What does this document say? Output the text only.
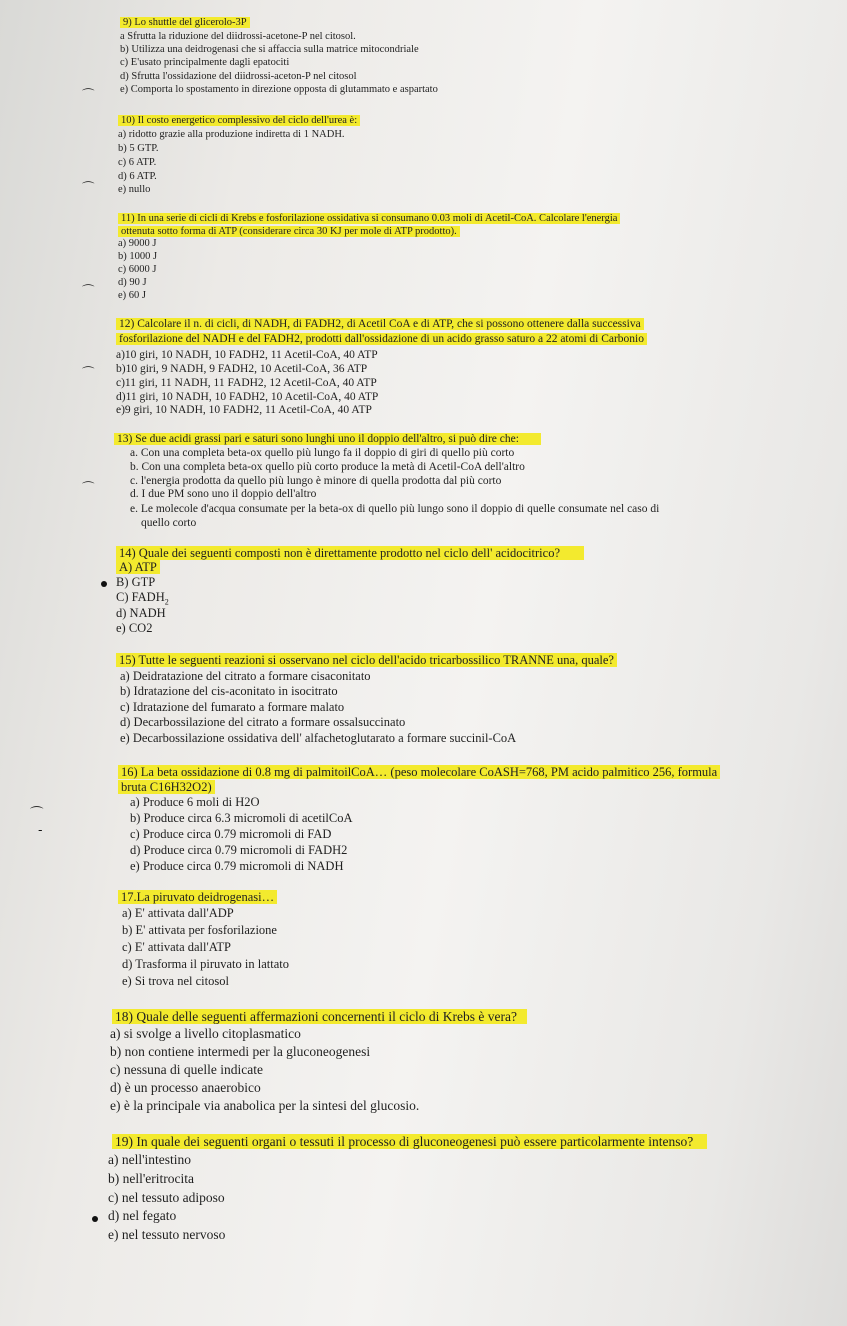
9) Lo shuttle del glicerolo-3P
a Sfrutta la riduzione del diidrossi-acetone-P nel citosol.
b) Utilizza una deidrogenasi che si affaccia sulla matrice mitocondriale
c) E'usato principalmente dagli epatociti
d) Sfrutta l'ossidazione del diidrossi-aceton-P nel citosol
e) Comporta lo spostamento in direzione opposta di glutammato e aspartato
⌒
10) Il costo energetico complessivo del ciclo dell'urea è:
a) ridotto grazie alla produzione indiretta di 1 NADH.
b) 5 GTP.
c) 6 ATP.
d) 6 ATP.
e) nullo
⌒
11) In una serie di cicli di Krebs e fosforilazione ossidativa si consumano 0.03 moli di Acetil-CoA. Calcolare l'energia
ottenuta sotto forma di ATP (considerare circa 30 KJ per mole di ATP prodotto).
a) 9000 J
b) 1000 J
c) 6000 J
d) 90 J
e) 60 J
⌒
12) Calcolare il n. di cicli, di NADH, di FADH2, di Acetil CoA e di ATP, che si possono ottenere dalla successiva
fosforilazione del NADH e del FADH2, prodotti dall'ossidazione di un acido grasso saturo a 22 atomi di Carbonio
a)10 giri, 10 NADH, 10 FADH2, 11 Acetil-CoA, 40 ATP
b)10 giri, 9 NADH, 9 FADH2, 10 Acetil-CoA, 36 ATP
c)11 giri, 11 NADH, 11 FADH2, 12 Acetil-CoA, 40 ATP
d)11 giri, 10 NADH, 10 FADH2, 10 Acetil-CoA, 40 ATP
e)9 giri, 10 NADH, 10 FADH2, 11 Acetil-CoA, 40 ATP
⌒
13) Se due acidi grassi pari e saturi sono lunghi uno il doppio dell'altro, si può dire che:
a. Con una completa beta-ox quello più lungo fa il doppio di giri di quello più corto
b. Con una completa beta-ox quello più corto produce la metà di Acetil-CoA dell'altro
c. l'energia prodotta da quello più lungo è minore di quella prodotta dal più corto
d. I due PM sono uno il doppio dell'altro
e. Le molecole d'acqua consumate per la beta-ox di quello più lungo sono il doppio di quelle consumate nel caso di
quello corto
⌒
14) Quale dei seguenti composti non è direttamente prodotto nel ciclo dell' acidocitrico?
A) ATP
B) GTP
C) $FADH_2$
d) NADH
e) CO2
15) Tutte le seguenti reazioni si osservano nel ciclo dell'acido tricarbossilico TRANNE una, quale?
a) Deidratazione del citrato a formare cisaconitato
b) Idratazione del cis-aconitato in isocitrato
c) Idratazione del fumarato a formare malato
d) Decarbossilazione del citrato a formare ossalsuccinato
e) Decarbossilazione ossidativa dell' alfachetoglutarato a formare succinil-CoA
16) La beta ossidazione di 0.8 mg di palmitoilCoA… (peso molecolare CoASH=768, PM acido palmitico 256, formula
bruta C16H32O2)
a) Produce 6 moli di H2O
b) Produce circa 6.3 micromoli di acetilCoA
c) Produce circa 0.79 micromoli di FAD
d) Produce circa 0.79 micromoli di FADH2
e) Produce circa 0.79 micromoli di NADH
⌒
-
17.La piruvato deidrogenasi…
a) E' attivata dall'ADP
b) E' attivata per fosforilazione
c) E' attivata dall'ATP
d) Trasforma il piruvato in lattato
e) Si trova nel citosol
18) Quale delle seguenti affermazioni concernenti il ciclo di Krebs è vera?
a) si svolge a livello citoplasmatico
b) non contiene intermedi per la gluconeogenesi
c) nessuna di quelle indicate
d) è un processo anaerobico
e) è la principale via anabolica per la sintesi del glucosio.
19) In quale dei seguenti organi o tessuti il processo di gluconeogenesi può essere particolarmente intenso?
a) nell'intestino
b) nell'eritrocita
c) nel tessuto adiposo
d) nel fegato
e) nel tessuto nervoso
